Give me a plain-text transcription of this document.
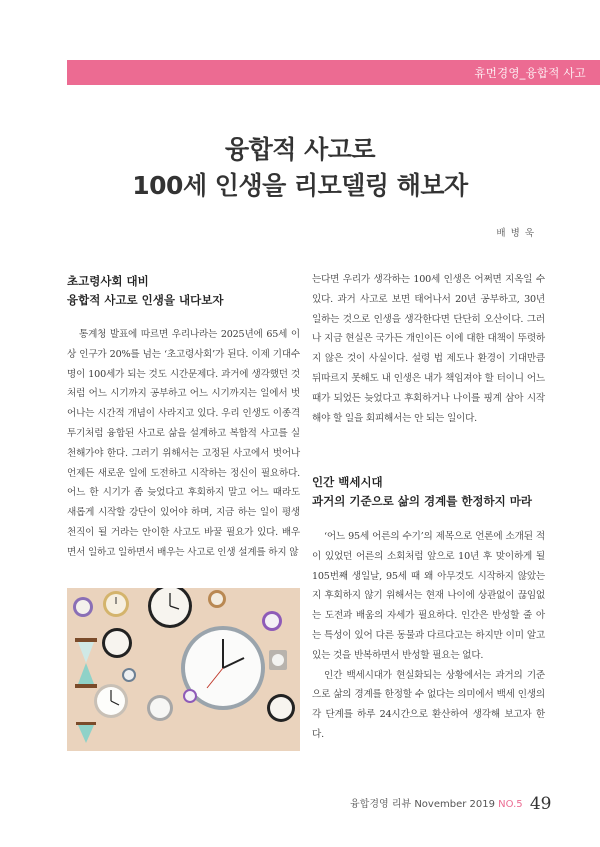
휴먼경영_융합적 사고
융합적 사고로
100세 인생을 리모델링 해보자
배 병 욱
초고령사회 대비
융합적 사고로 인생을 내다보자

통계청 발표에 따르면 우리나라는 2025년에 65세 이상 인구가 20%를 넘는 ‘초고령사회’가 된다. 이제 기대수명이 100세가 되는 것도 시간문제다. 과거에 생각했던 것처럼 어느 시기까지 공부하고 어느 시기까지는 일에서 벗어나는 시간적 개념이 사라지고 있다. 우리 인생도 이종격투기처럼 융합된 사고로 삶을 설계하고 복합적 사고를 실천해가야 한다. 그러기 위해서는 고정된 사고에서 벗어나 언제든 새로운 일에 도전하고 시작하는 정신이 필요하다. 어느 한 시기가 좀 늦었다고 후회하지 말고 어느 때라도 새롭게 시작할 강단이 있어야 하며, 지금 하는 일이 평생 천직이 될 거라는 안이한 사고도 바꿀 필요가 있다. 배우면서 일하고 일하면서 배우는 사고로 인생 설계를 하지 않

는다면 우리가 생각하는 100세 인생은 어쩌면 지옥일 수 있다. 과거 사고로 보면 태어나서 20년 공부하고, 30년 일하는 것으로 인생을 생각한다면 단단히 오산이다. 그러나 지금 현실은 국가든 개인이든 이에 대한 대책이 뚜렷하지 않은 것이 사실이다. 설령 법 제도나 환경이 기대만큼 뒤따르지 못해도 내 인생은 내가 책임져야 할 터이니 어느 때가 되었든 늦었다고 후회하거나 나이를 핑계 삼아 시작해야 할 일을 회피해서는 안 되는 일이다.

인간 백세시대
과거의 기준으로 삶의 경계를 한정하지 마라

‘어느 95세 어른의 수기’의 제목으로 언론에 소개된 적이 있었던 어른의 소회처럼 앞으로 10년 후 맞이하게 될 105번째 생일날, 95세 때 왜 아무것도 시작하지 않았는지 후회하지 않기 위해서는 현재 나이에 상관없이 끊임없는 도전과 배움의 자세가 필요하다. 인간은 반성할 줄 아는 특성이 있어 다른 동물과 다르다고는 하지만 이미 알고 있는 것을 반복하면서 반성할 필요는 없다.

인간 백세시대가 현실화되는 상황에서는 과거의 기준으로 삶의 경계를 한정할 수 없다는 의미에서 백세 인생의 각 단계를 하루 24시간으로 환산하여 생각해 보고자 한다.

융합경영 리뷰 November 2019 NO.5 49
